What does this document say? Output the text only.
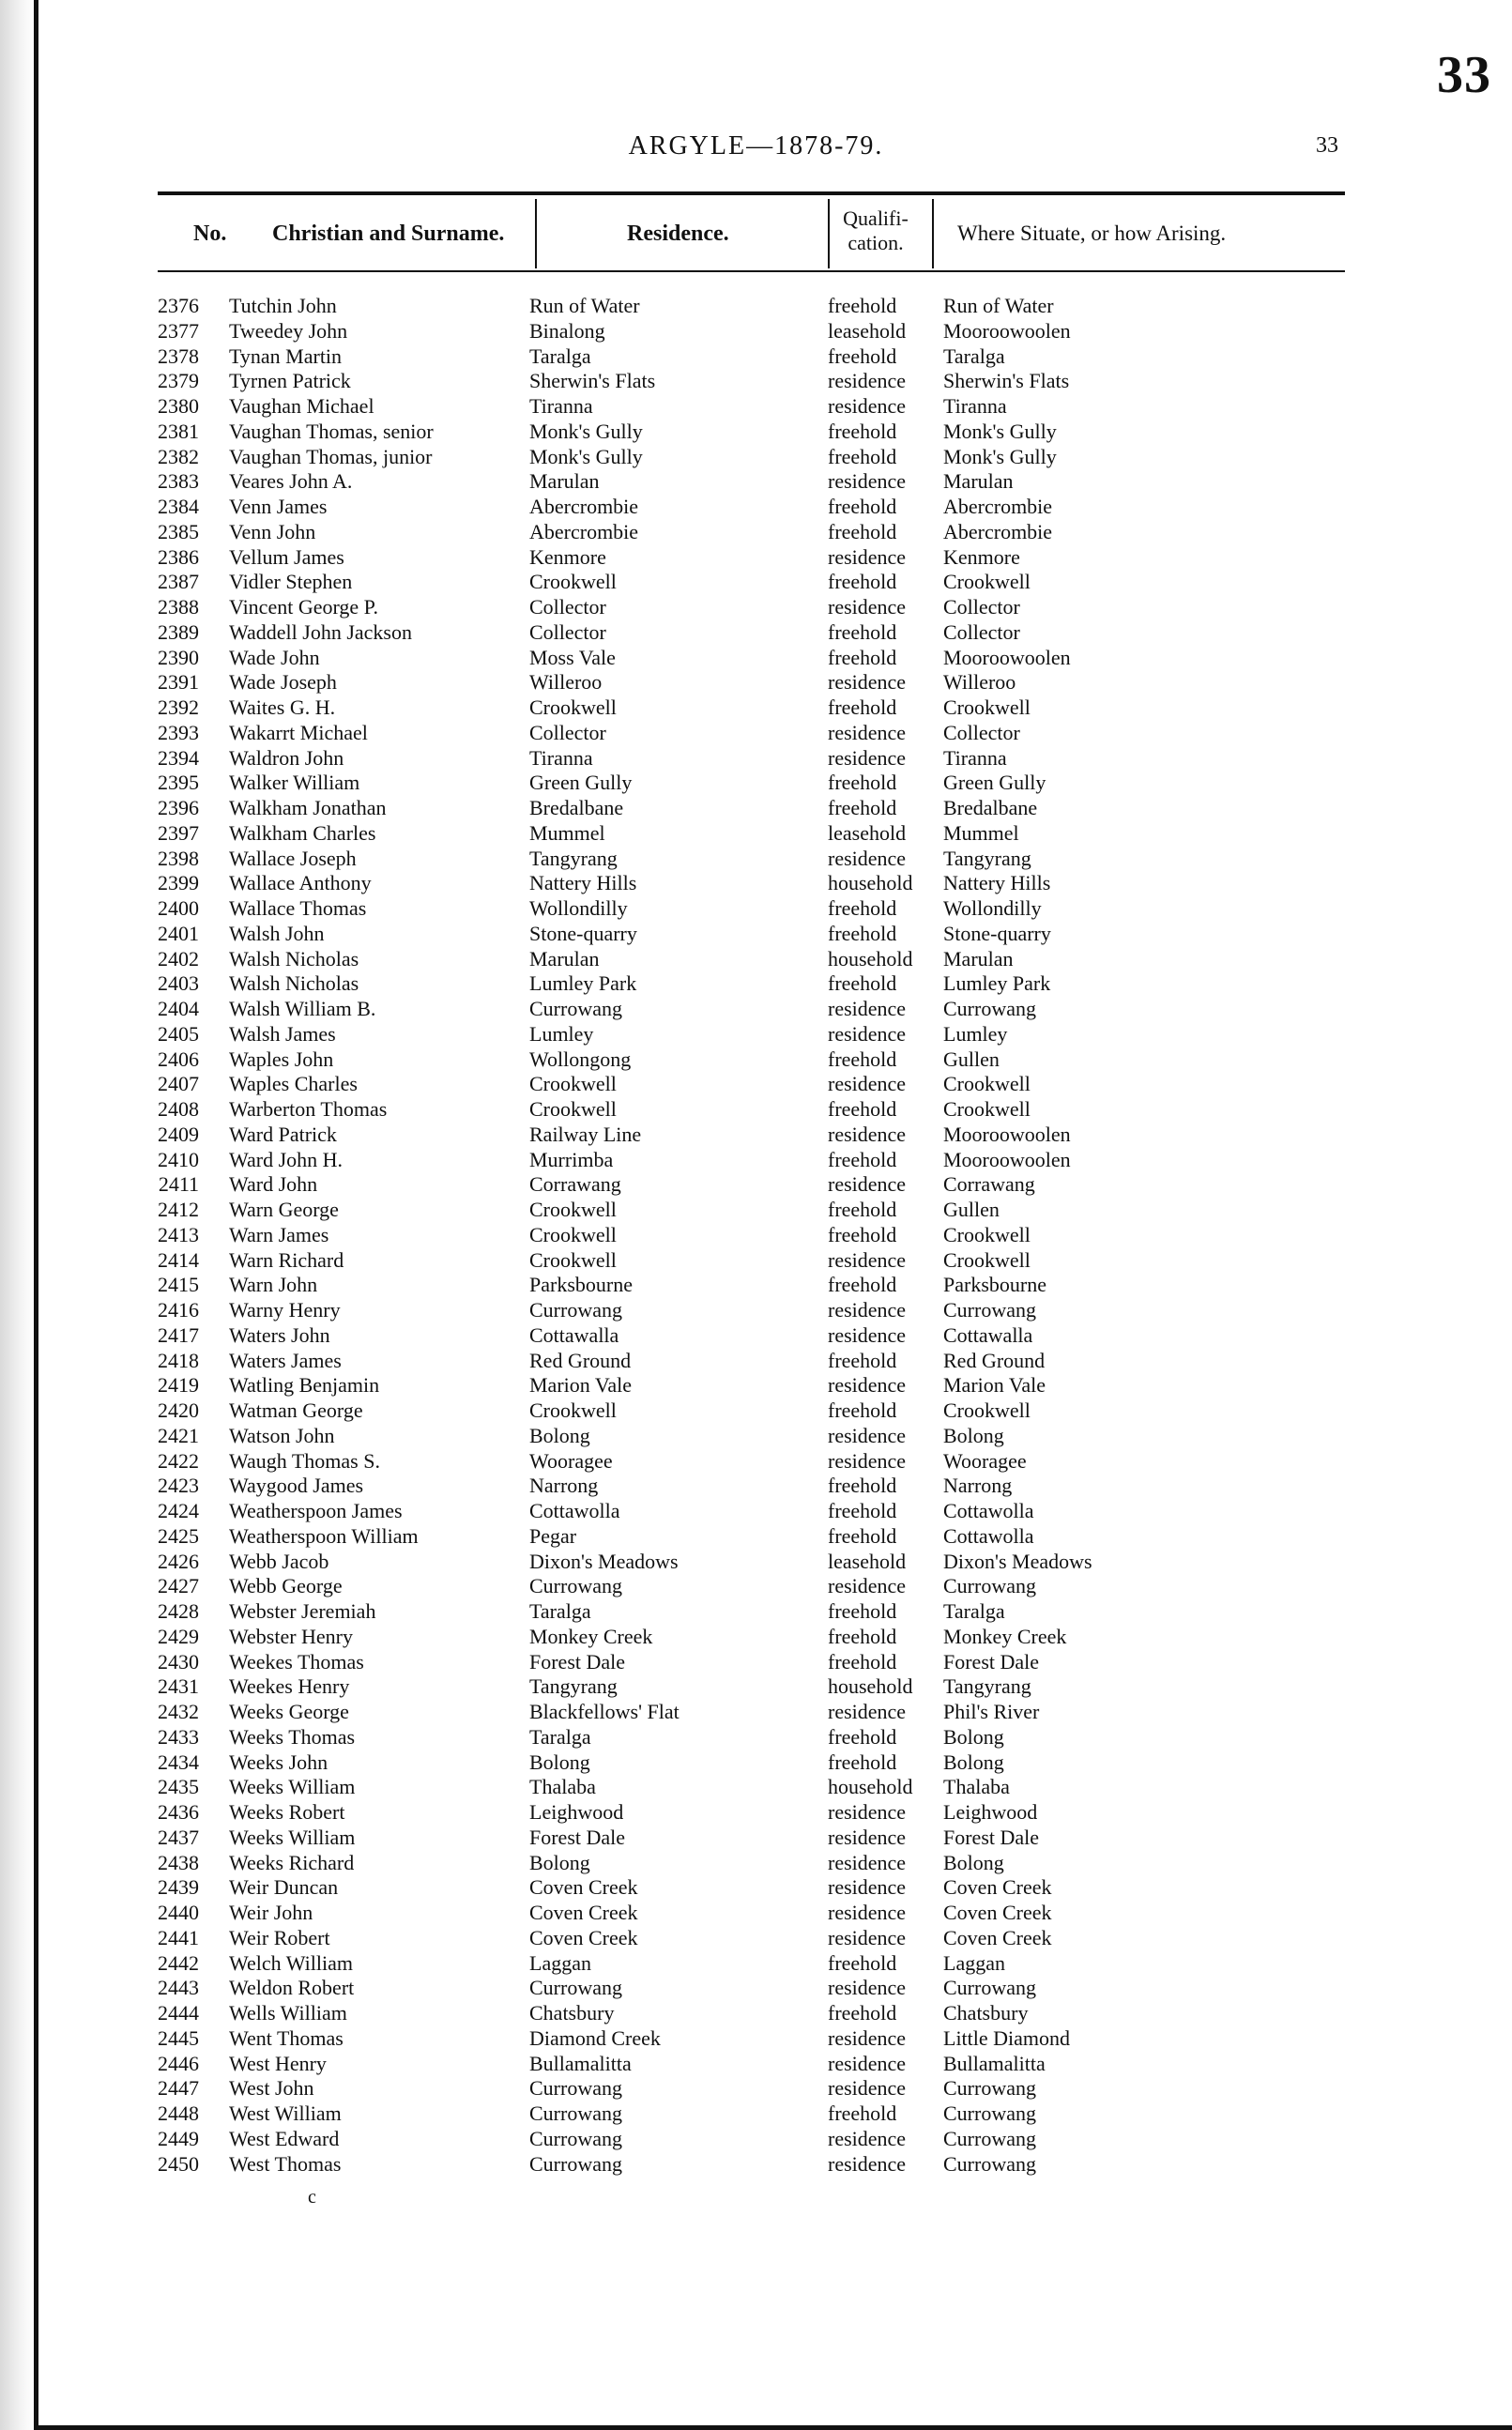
33
ARGYLE—1878-79.	33
No. Christian and Surname.	Residence.
Qualifi-
cation.	Where Situate, or how Arising.
2376 Tutchin John	Run of Water	freehold Run of Water
2377 Tweedey John	Binalong	leasehold Mooroowoolen
2378 Tynan Martin	Taralga	freehold Taralga
2379 Tyrnen Patrick	Sherwin's Flats	residence Sherwin's Flats
2380 Vaughan Michael	Tiranna	residence Tiranna
2381 Vaughan Thomas, senior	Monk's Gully	freehold Monk's Gully
2382 Vaughan Thomas, junior	Monk's Gully	freehold Monk's Gully
2383 Veares John A.	Marulan	residence Marulan
2384 Venn James	Abercrombie	freehold Abercrombie
2385 Venn John	Abercrombie	freehold Abercrombie
2386 Vellum James	Kenmore	residence Kenmore
2387 Vidler Stephen	Crookwell	freehold Crookwell
2388 Vincent George P.	Collector	residence Collector
2389 Waddell John Jackson	Collector	freehold Collector
2390 Wade John	Moss Vale	freehold Mooroowoolen
2391 Wade Joseph	Willeroo	residence Willeroo
2392 Waites G. H.	Crookwell	freehold Crookwell
2393 Wakarrt Michael	Collector	residence Collector
2394 Waldron John	Tiranna	residence Tiranna
2395 Walker William	Green Gully	freehold Green Gully
2396 Walkham Jonathan	Bredalbane	freehold Bredalbane
2397 Walkham Charles	Mummel	leasehold Mummel
2398 Wallace Joseph	Tangyrang	residence Tangyrang
2399 Wallace Anthony	Nattery Hills	household Nattery Hills
2400 Wallace Thomas	Wollondilly	freehold Wollondilly
2401 Walsh John	Stone-quarry	freehold Stone-quarry
2402 Walsh Nicholas	Marulan	household Marulan
2403 Walsh Nicholas	Lumley Park	freehold Lumley Park
2404 Walsh William B.	Currowang	residence Currowang
2405 Walsh James	Lumley	residence Lumley
2406 Waples John	Wollongong	freehold Gullen
2407 Waples Charles	Crookwell	residence Crookwell
2408 Warberton Thomas	Crookwell	freehold Crookwell
2409 Ward Patrick	Railway Line	residence Mooroowoolen
2410 Ward John H.	Murrimba	freehold Mooroowoolen
2411 Ward John	Corrawang	residence Corrawang
2412 Warn George	Crookwell	freehold Gullen
2413 Warn James	Crookwell	freehold Crookwell
2414 Warn Richard	Crookwell	residence Crookwell
2415 Warn John	Parksbourne	freehold Parksbourne
2416 Warny Henry	Currowang	residence Currowang
2417 Waters John	Cottawalla	residence Cottawalla
2418 Waters James	Red Ground	freehold Red Ground
2419 Watling Benjamin	Marion Vale	residence Marion Vale
2420 Watman George	Crookwell	freehold Crookwell
2421 Watson John	Bolong	residence Bolong
2422 Waugh Thomas S.	Wooragee	residence Wooragee
2423 Waygood James	Narrong	freehold Narrong
2424 Weatherspoon James	Cottawolla	freehold Cottawolla
2425 Weatherspoon William	Pegar	freehold Cottawolla
2426 Webb Jacob	Dixon's Meadows	leasehold Dixon's Meadows
2427 Webb George	Currowang	residence Currowang
2428 Webster Jeremiah	Taralga	freehold Taralga
2429 Webster Henry	Monkey Creek	freehold Monkey Creek
2430 Weekes Thomas	Forest Dale	freehold Forest Dale
2431 Weekes Henry	Tangyrang	household Tangyrang
2432 Weeks George	Blackfellows' Flat	residence Phil's River
2433 Weeks Thomas	Taralga	freehold Bolong
2434 Weeks John	Bolong	freehold Bolong
2435 Weeks William	Thalaba	household Thalaba
2436 Weeks Robert	Leighwood	residence Leighwood
2437 Weeks William	Forest Dale	residence Forest Dale
2438 Weeks Richard	Bolong	residence Bolong
2439 Weir Duncan	Coven Creek	residence Coven Creek
2440 Weir John	Coven Creek	residence Coven Creek
2441 Weir Robert	Coven Creek	residence Coven Creek
2442 Welch William	Laggan	freehold Laggan
2443 Weldon Robert	Currowang	residence Currowang
2444 Wells William	Chatsbury	freehold Chatsbury
2445 Went Thomas	Diamond Creek	residence Little Diamond
2446 West Henry	Bullamalitta	residence Bullamalitta
2447 West John	Currowang	residence Currowang
2448 West William	Currowang	freehold Currowang
2449 West Edward	Currowang	residence Currowang
2450 West Thomas	Currowang	residence Currowang
c
